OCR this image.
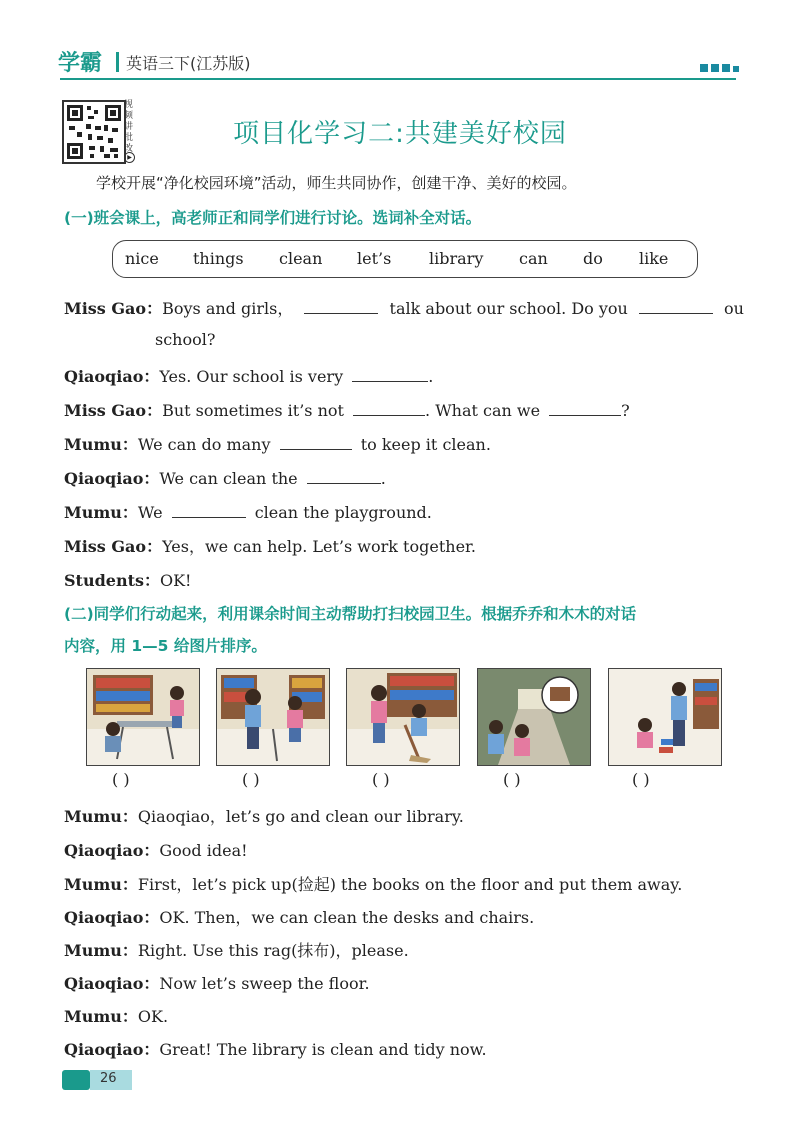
学霸 英语三下(江苏版)
视频讲批改
▶
项目化学习二:共建美好校园
学校开展“净化校园环境”活动，师生共同协作，创建干净、美好的校园。
(一)班会课上，高老师正和同学们进行讨论。选词补全对话。
nice things clean let’s library can do like
Miss Gao：Boys and girls，	talk about our school. Do you	ou
school?
Qiaoqiao：Yes. Our school is very	.
Miss Gao：But sometimes it’s not	. What can we	?
Mumu：We can do many	to keep it clean.
Qiaoqiao：We can clean the	.
Mumu：We	clean the playground.
Miss Gao：Yes，we can help. Let’s work together.
Students：OK!
(二)同学们行动起来，利用课余时间主动帮助打扫校园卫生。根据乔乔和木木的对话
内容，用 1—5 给图片排序。
( )	( )	( )	( )	( )
Mumu：Qiaoqiao，let’s go and clean our library.
Qiaoqiao：Good idea!
Mumu：First，let’s pick up(捡起) the books on the floor and put them away.
Qiaoqiao：OK. Then，we can clean the desks and chairs.
Mumu：Right. Use this rag(抹布)，please.
Qiaoqiao：Now let’s sweep the floor.
Mumu：OK.
Qiaoqiao：Great! The library is clean and tidy now.
26
